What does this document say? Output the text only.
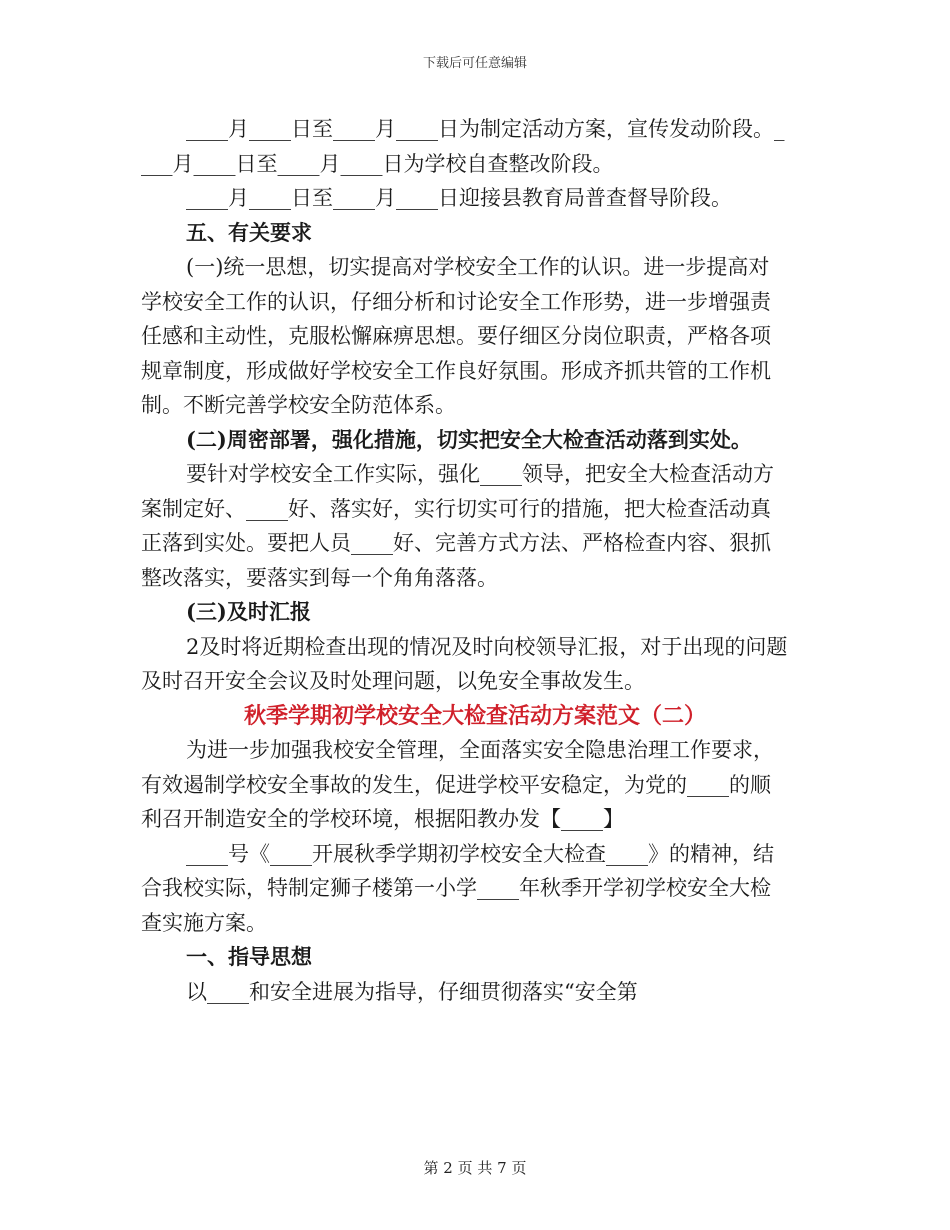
下载后可任意编辑
____月____日至____月____日为制定活动方案，宣传发动阶段。_
___月____日至____月____日为学校自查整改阶段。
____月____日至____月____日迎接县教育局普查督导阶段。
五、有关要求
(一)统一思想，切实提高对学校安全工作的认识。进一步提高对
学校安全工作的认识，仔细分析和讨论安全工作形势，进一步增强责
任感和主动性，克服松懈麻痹思想。要仔细区分岗位职责，严格各项
规章制度，形成做好学校安全工作良好氛围。形成齐抓共管的工作机
制。不断完善学校安全防范体系。
(二)周密部署，强化措施，切实把安全大检查活动落到实处。
要针对学校安全工作实际，强化____领导，把安全大检查活动方
案制定好、____好、落实好，实行切实可行的措施，把大检查活动真
正落到实处。要把人员____好、完善方式方法、严格检查内容、狠抓
整改落实，要落实到每一个角角落落。
(三)及时汇报
2及时将近期检查出现的情况及时向校领导汇报，对于出现的问题
及时召开安全会议及时处理问题，以免安全事故发生。
秋季学期初学校安全大检查活动方案范文（二）
为进一步加强我校安全管理，全面落实安全隐患治理工作要求，
有效遏制学校安全事故的发生，促进学校平安稳定，为党的____的顺
利召开制造安全的学校环境，根据阳教办发【____】
____号《____开展秋季学期初学校安全大检查____》的精神，结
合我校实际，特制定狮子楼第一小学____年秋季开学初学校安全大检
查实施方案。
一、指导思想
以____和安全进展为指导，仔细贯彻落实“安全第
第 2 页 共 7 页
